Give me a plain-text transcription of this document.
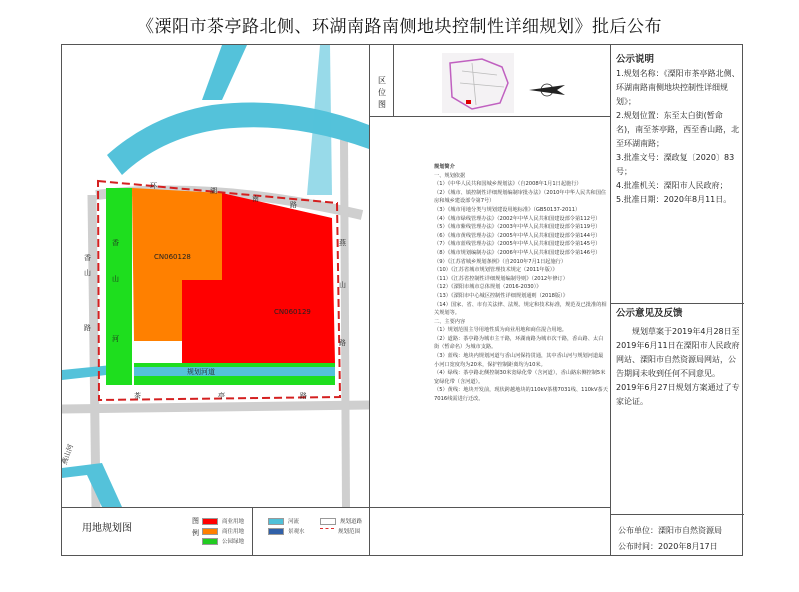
《溧阳市茶亭路北侧、环湖南路南侧地块控制性详细规划》批后公布
CN060128
CN060129
规划河道
环
湖
南
路
茶	亭	路
香
山
路
香
山
河
燕
山
路
燕山河
区位图

规划简介

一、规划依据

（1）《中华人民共和国城乡规划法》（自2008年1月1日起施行）

（2）《城市、镇控制性详细规划编制审批办法》（2010年中华人民共和国住房和城乡建设部令第7号）

（3）《城市用地分类与规划建设用地标准》（GB50137-2011）

（4）《城市绿线管理办法》（2002年中华人民共和国建设部令第112号）

（5）《城市紫线管理办法》（2003年中华人民共和国建设部令第119号）

（6）《城市黄线管理办法》（2005年中华人民共和国建设部令第144号）

（7）《城市蓝线管理办法》（2005年中华人民共和国建设部令第145号）

（8）《城市规划编制办法》（2006年中华人民共和国建设部令第146号）

（9）《江苏省城乡规划条例》（自2010年7月1日起施行）

（10）《江苏省城市规划管理技术规定（2011年版）》

（11）《江苏省控制性详细规划编制导则》（2012年修订）

（12）《溧阳市城市总体规划（2016-2030）》

（13）《溧阳市中心城区控制性详细规划通则（2018版）》

（14）国家、省、市有关法律、法规、规定和技术标准，规范及已批准的相关规划等。

二、主要内容

（1）规划范围主导用地性质为商业用地和商住混合用地。

（2）道路：茶亭路为城市主干路，环湖南路为城市次干路，香山路、太白街（暂命名）为城市支路。

（3）蓝线：地块内规划河道与香山河保持贯通，其中香山河与规划河道最小河口宽度均为20米，保护控制距离均为10米。

（4）绿线：茶亭路北侧控制30米宽绿化带（含河道），香山路东侧控制5米宽绿化带（含河道）。

（5）黄线：地块开发前，现状跨越地块的110kV茶楼7031线、110kV茶天7016线需进行迁改。

公示说明

1.规划名称：《溧阳市茶亭路北侧、环湖南路南侧地块控制性详细规划》；

2.规划位置：东至太白街(暂命名)，南至茶亭路，西至香山路，北至环湖南路；

3.批准文号：溧政复〔2020〕83号；

4.批准机关：溧阳市人民政府；

5.批准日期：2020年8月11日。

公示意见及反馈

规划草案于2019年4月28日至2019年6月11日在溧阳市人民政府网站、溧阳市自然资源局网站，公告期间未收到任何不同意见。2019年6月27日规划方案通过了专家论证。

公布单位：溧阳市自然资源局

公布时间：2020年8月17日

用地规划图
图例
商业用地	河流	规划道路
商住用地	景观水	规划范围
公园绿地
